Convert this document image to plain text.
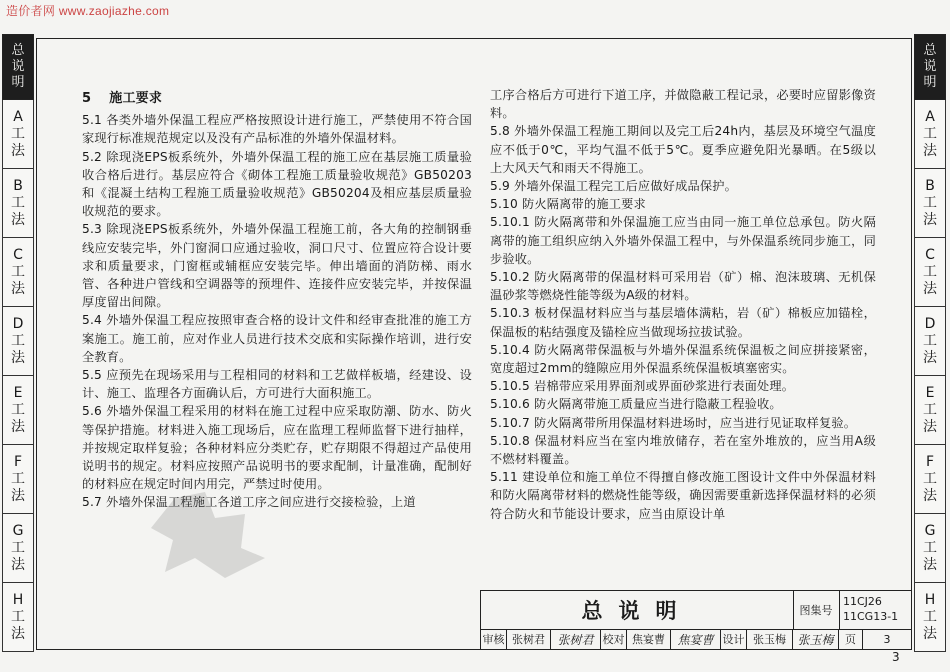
造价者网 www.zaojiazhe.com
总
说
明
A
工
法
B
工
法
C
工
法
D
工
法
E
工
法
F
工
法
G
工
法
H
工
法
总
说
明
A
工
法
B
工
法
C
工
法
D
工
法
E
工
法
F
工
法
G
工
法
H
工
法

5 施工要求

5.1 各类外墙外保温工程应严格按照设计进行施工，严禁使用不符合国家现行标准规范规定以及没有产品标准的外墙外保温材料。

5.2 除现浇EPS板系统外，外墙外保温工程的施工应在基层施工质量验收合格后进行。基层应符合《砌体工程施工质量验收规范》GB50203和《混凝土结构工程施工质量验收规范》GB50204及相应基层质量验收规范的要求。

5.3 除现浇EPS板系统外，外墙外保温工程施工前，各大角的控制钢垂线应安装完毕，外门窗洞口应通过验收，洞口尺寸、位置应符合设计要求和质量要求，门窗框或辅框应安装完毕。伸出墙面的消防梯、雨水管、各种进户管线和空调器等的预埋件、连接件应安装完毕，并按保温厚度留出间隙。

5.4 外墙外保温工程应按照审查合格的设计文件和经审查批准的施工方案施工。施工前，应对作业人员进行技术交底和实际操作培训，进行安全教育。

5.5 应预先在现场采用与工程相同的材料和工艺做样板墙，经建设、设计、施工、监理各方面确认后，方可进行大面积施工。

5.6 外墙外保温工程采用的材料在施工过程中应采取防潮、防水、防火等保护措施。材料进入施工现场后，应在监理工程师监督下进行抽样，并按规定取样复验；各种材料应分类贮存，贮存期限不得超过产品使用说明书的规定。材料应按照产品说明书的要求配制，计量准确，配制好的材料应在规定时间内用完，严禁过时使用。

5.7 外墙外保温工程施工各道工序之间应进行交接检验，上道

工序合格后方可进行下道工序，并做隐蔽工程记录，必要时应留影像资料。

5.8 外墙外保温工程施工期间以及完工后24h内，基层及环境空气温度应不低于0℃，平均气温不低于5℃。夏季应避免阳光暴晒。在5级以上大风天气和雨天不得施工。

5.9 外墙外保温工程完工后应做好成品保护。

5.10 防火隔离带的施工要求

5.10.1 防火隔离带和外保温施工应当由同一施工单位总承包。防火隔离带的施工组织应纳入外墙外保温工程中，与外保温系统同步施工，同步验收。

5.10.2 防火隔离带的保温材料可采用岩（矿）棉、泡沫玻璃、无机保温砂浆等燃烧性能等级为A级的材料。

5.10.3 板材保温材料应当与基层墙体满粘，岩（矿）棉板应加锚栓，保温板的粘结强度及锚栓应当做现场拉拔试验。

5.10.4 防火隔离带保温板与外墙外保温系统保温板之间应拼接紧密，宽度超过2mm的缝隙应用外保温系统保温板填塞密实。

5.10.5 岩棉带应采用界面剂或界面砂浆进行表面处理。

5.10.6 防火隔离带施工质量应当进行隐蔽工程验收。

5.10.7 防火隔离带所用保温材料进场时，应当进行见证取样复验。

5.10.8 保温材料应当在室内堆放储存，若在室外堆放的，应当用A级不燃材料覆盖。

5.11 建设单位和施工单位不得擅自修改施工图设计文件中外保温材料和防火隔离带材料的燃烧性能等级，确因需要重新选择保温材料的必须符合防火和节能设计要求，应当由原设计单

总说明	图集号
11CJ26
11CG13-1
审核 张树君	张树君 校对 焦宴曹	焦宴曹 设计 张玉梅 张玉梅	页	3
3
